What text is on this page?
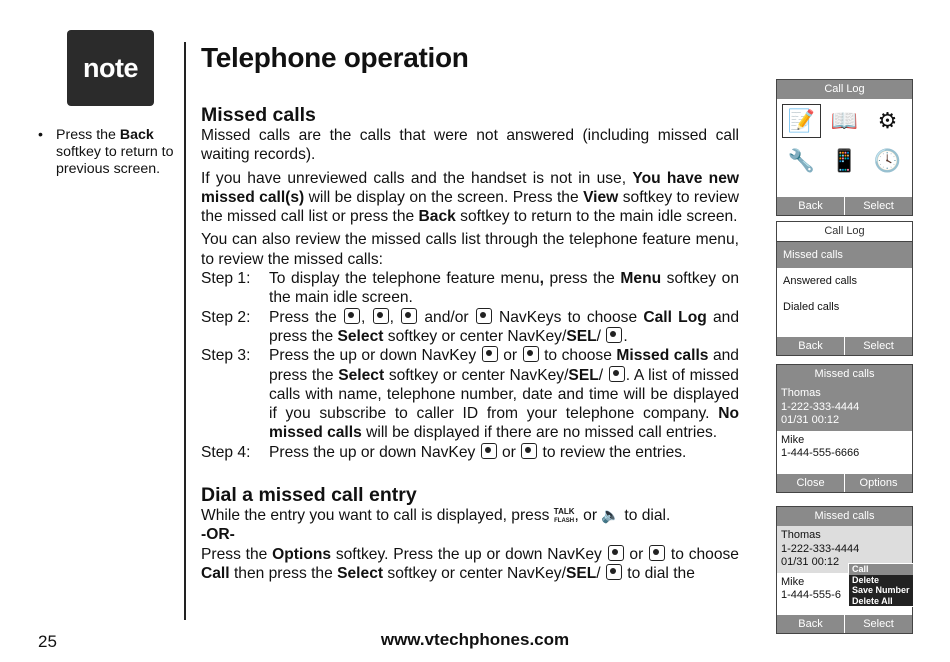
note
• Press the Back softkey to return to previous screen.
Telephone operation
Missed calls

Missed calls are the calls that were not answered (including missed call waiting records).

If you have unreviewed calls and the handset is not in use, You have new missed call(s) will be display on the screen. Press the View softkey to review the missed call list or press the Back softkey to return to the main idle screen.

You can also review the missed calls list through the telephone feature menu, to review the missed calls:

Step 1:	To display the telephone feature menu, press the Menu softkey on the main idle screen.
Step 2:	Press the , ,  and/or  NavKeys to choose Call Log and press the Select softkey or center NavKey/SEL/ .
Step 3:	Press the up or down NavKey or  to choose Missed calls and press the Select softkey or center NavKey/SEL/ . A list of missed calls with name, telephone number, date and time will be displayed if you subscribe to caller ID from your telephone company. No missed calls will be displayed if there are no missed call entries.
Step 4:	Press the up or down NavKey  or  to review the entries.
Dial a missed call entry

While the entry you want to call is displayed, press TALK
FLASH, or 🔈 to dial.

-OR-

Press the Options softkey. Press the up or down NavKey or  to choose Call then press the Select softkey or center NavKey/SEL/  to dial the

25	www.vtechphones.com
Call Log
📝 📖 ⚙
🔧 📱 🕓
Back	Select
Call Log
Missed calls
Answered calls
Dialed calls
Back	Select
Missed calls
Thomas
1-222-333-4444
01/31 00:12
Mike
1-444-555-6666
Close	Options
Missed calls
Thomas
1-222-333-4444
01/31 00:12
Mike
1-444-555-6
Call
Delete
Save Number
Delete All
Back	Select
